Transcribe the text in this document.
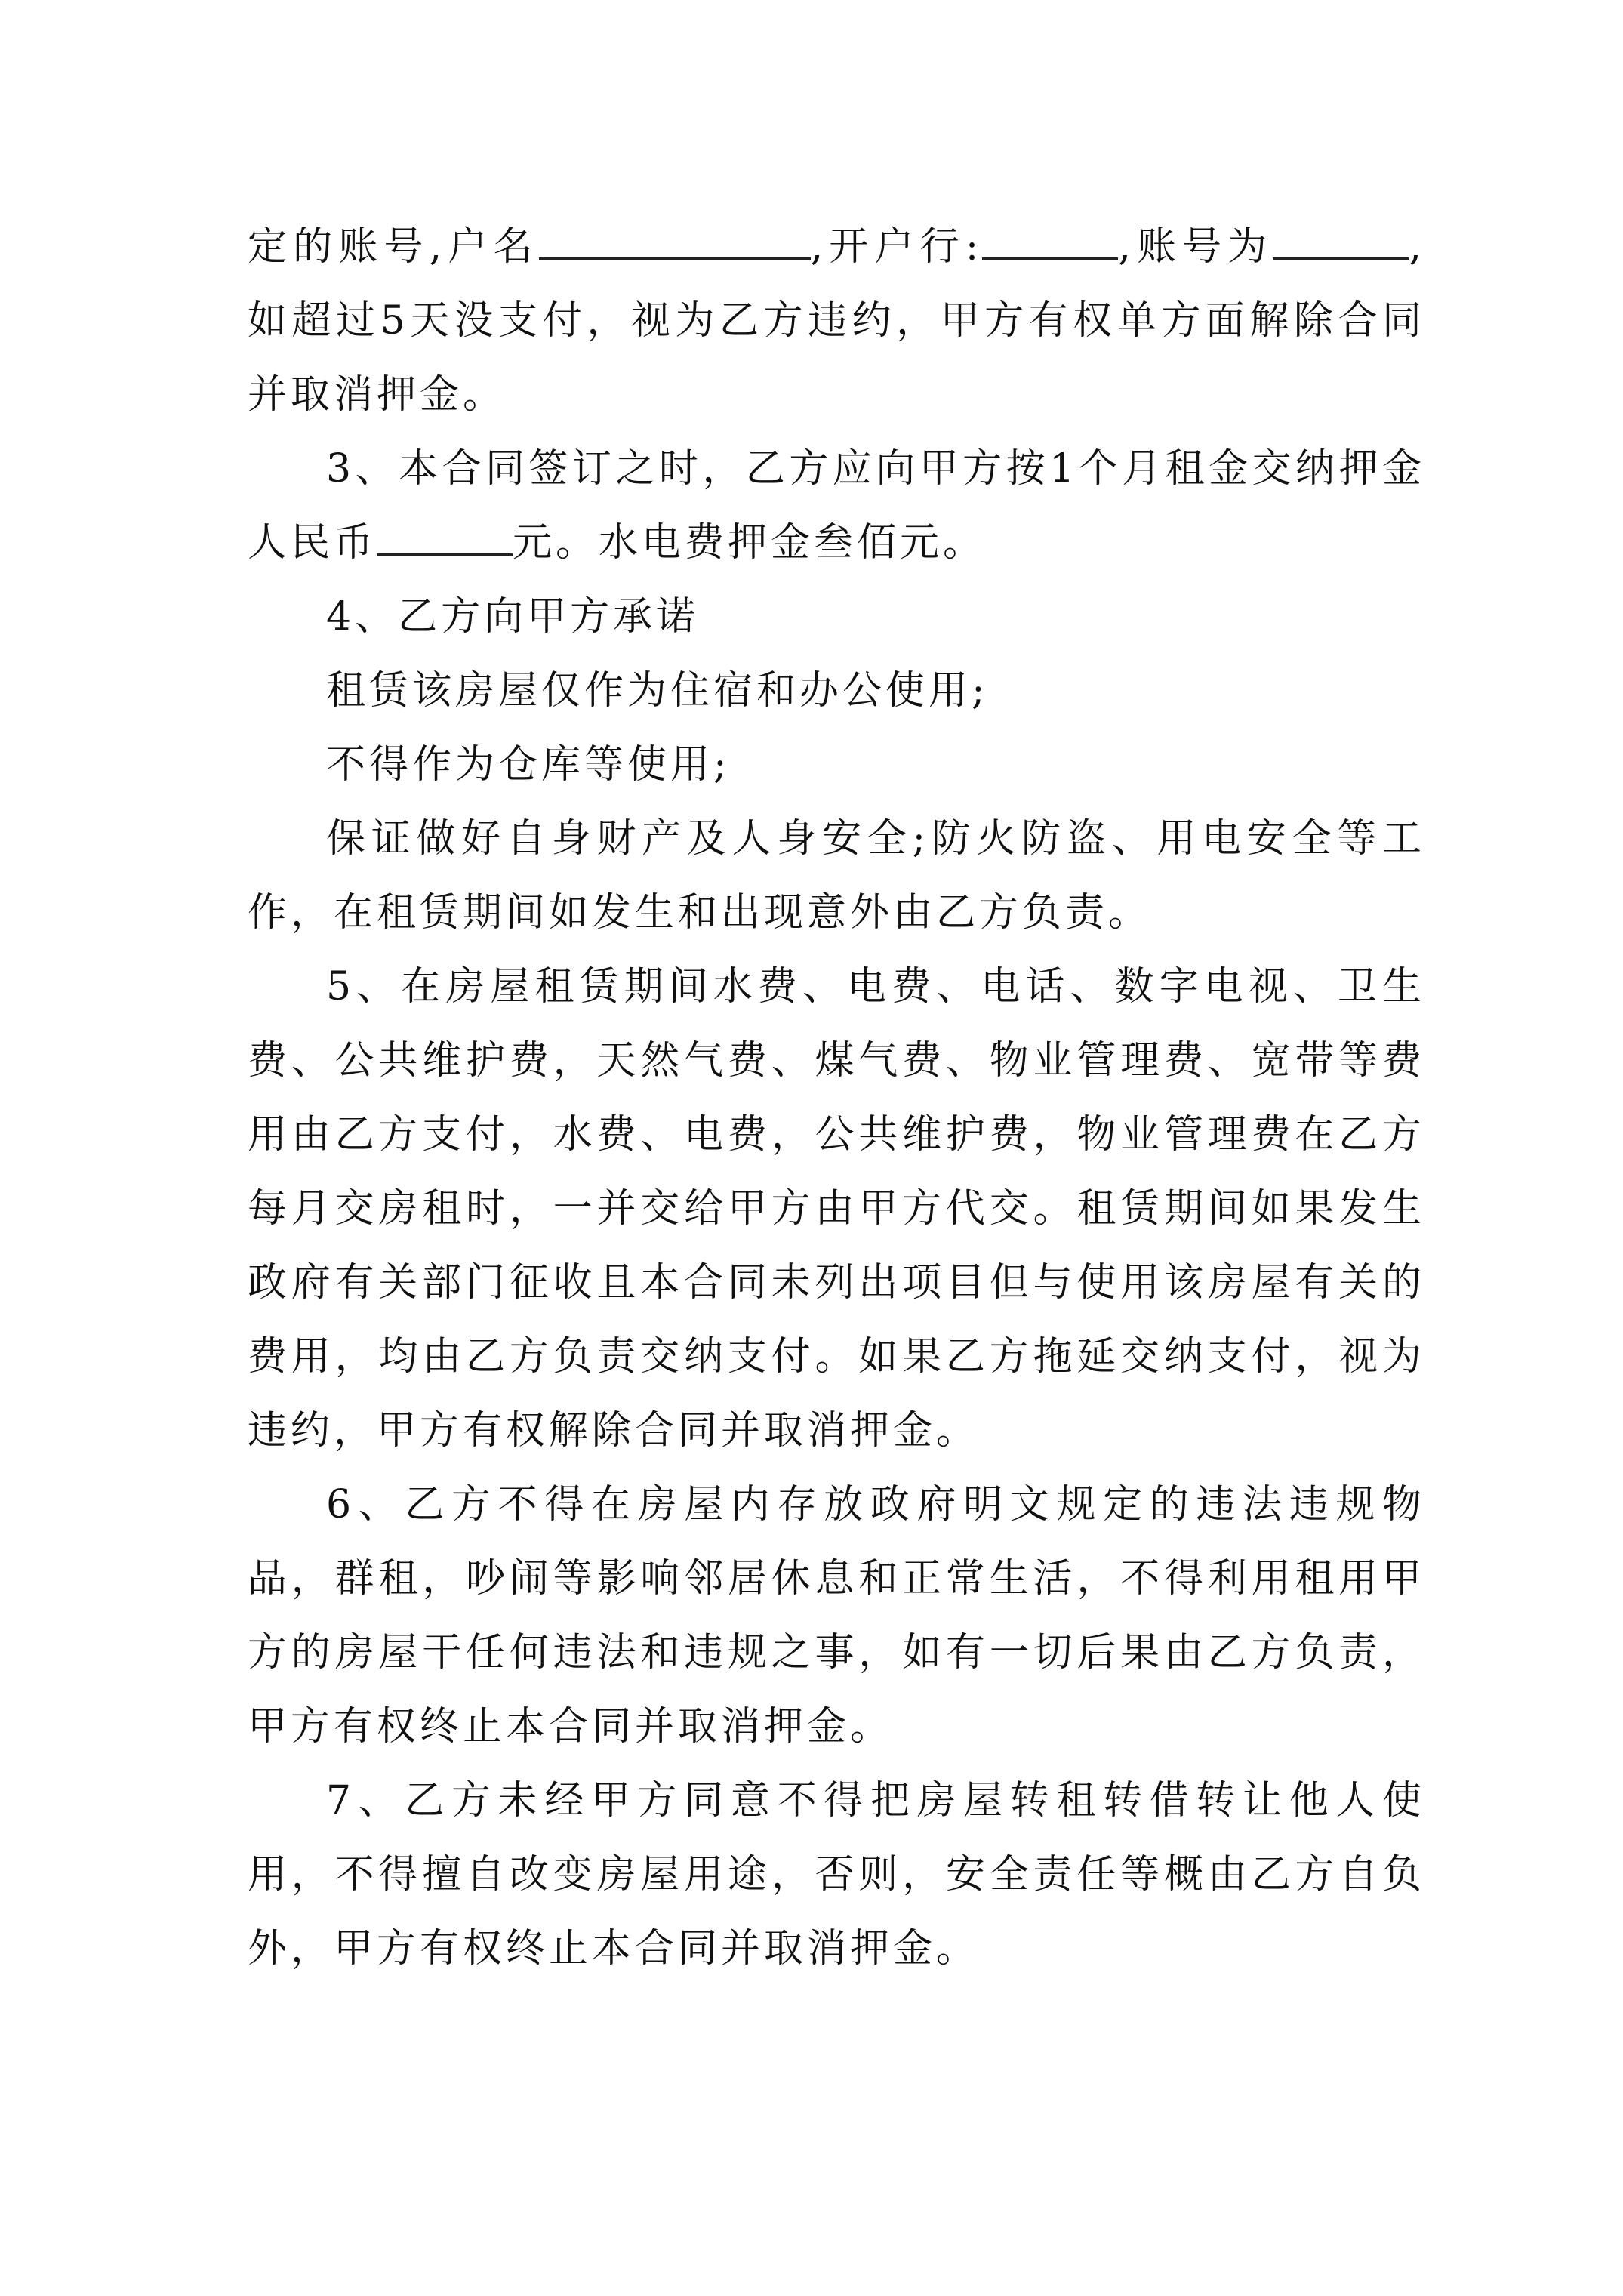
定的账号,户名	,开户行:	,账号为	,如超过5天没支付，视为乙方违约，甲方有权单方面解除合同并取消押金。

3、本合同签订之时，乙方应向甲方按1个月租金交纳押金人民币	元。水电费押金叁佰元。

4、乙方向甲方承诺

租赁该房屋仅作为住宿和办公使用;

不得作为仓库等使用;

保证做好自身财产及人身安全;防火防盗、用电安全等工作，在租赁期间如发生和出现意外由乙方负责。

5、在房屋租赁期间水费、电费、电话、数字电视、卫生费、公共维护费，天然气费、煤气费、物业管理费、宽带等费用由乙方支付，水费、电费，公共维护费，物业管理费在乙方每月交房租时，一并交给甲方由甲方代交。租赁期间如果发生政府有关部门征收且本合同未列出项目但与使用该房屋有关的费用，均由乙方负责交纳支付。如果乙方拖延交纳支付，视为违约，甲方有权解除合同并取消押金。

6、乙方不得在房屋内存放政府明文规定的违法违规物品，群租，吵闹等影响邻居休息和正常生活，不得利用租用甲方的房屋干任何违法和违规之事，如有一切后果由乙方负责，甲方有权终止本合同并取消押金。

7、乙方未经甲方同意不得把房屋转租转借转让他人使用，不得擅自改变房屋用途，否则，安全责任等概由乙方自负外，甲方有权终止本合同并取消押金。
